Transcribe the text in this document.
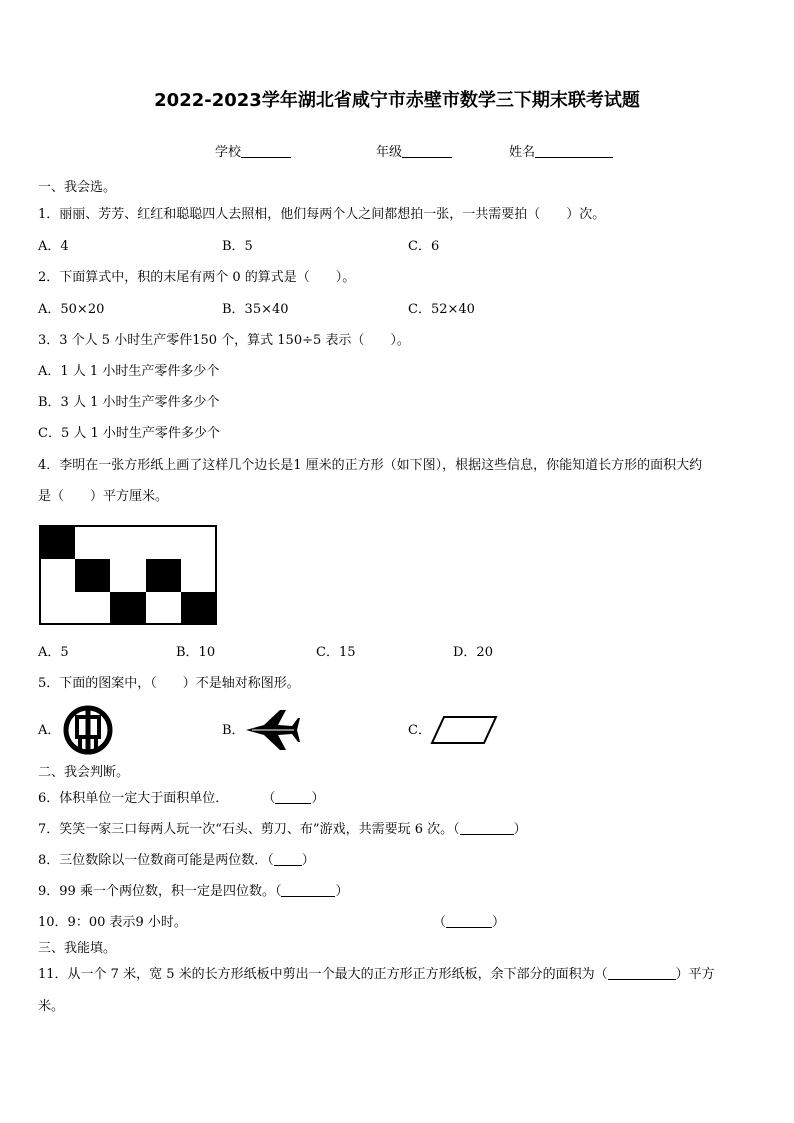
2022-2023学年湖北省咸宁市赤壁市数学三下期末联考试题
学校	年级	姓名
一、我会选。
1．丽丽、芳芳、红红和聪聪四人去照相，他们每两个人之间都想拍一张，一共需要拍（　　）次。
A．4	B．5	C．6
2．下面算式中，积的末尾有两个 0 的算式是（　　）。
A．50×20	B．35×40	C．52×40
3．3 个人 5 小时生产零件150 个，算式 150÷5 表示（　　）。
A．1 人 1 小时生产零件多少个
B．3 人 1 小时生产零件多少个
C．5 人 1 小时生产零件多少个
4．李明在一张方形纸上画了这样几个边长是1 厘米的正方形（如下图），根据这些信息，你能知道长方形的面积大约
是（　　）平方厘米。
A．5	B．10	C．15	D．20
5．下面的图案中，（　　）不是轴对称图形。
A．	B．	C．
二、我会判断。
6．体积单位一定大于面积单位．	（	）
7．笑笑一家三口每两人玩一次“石头、剪刀、布”游戏，共需要玩 6 次。（	）
8．三位数除以一位数商可能是两位数．（ ）
9．99 乘一个两位数，积一定是四位数。（	）
10．9：00 表示9 小时。	（	）
三、我能填。
11．从一个 7 米，宽 5 米的长方形纸板中剪出一个最大的正方形正方形纸板，余下部分的面积为（	）平方
米。
